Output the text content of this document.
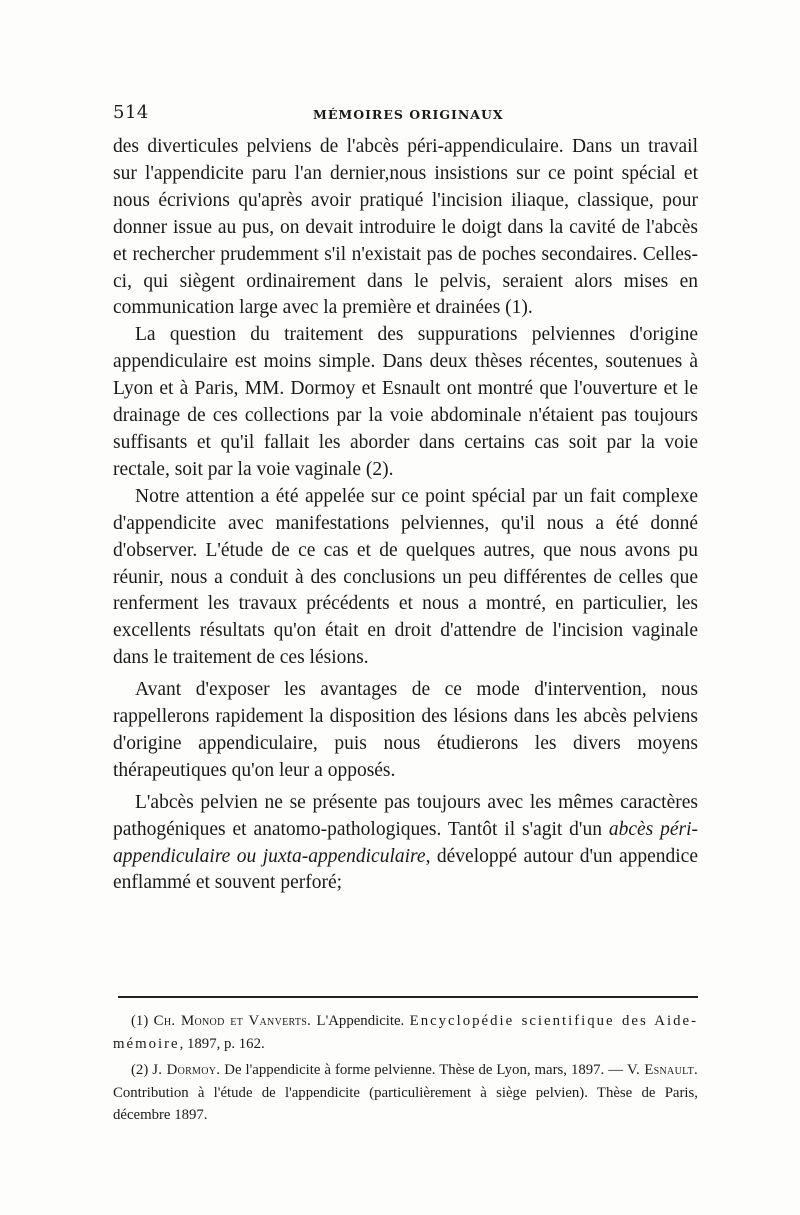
514	MÉMOIRES ORIGINAUX

des diverticules pelviens de l'abcès péri-appendiculaire. Dans un travail sur l'appendicite paru l'an dernier,nous insistions sur ce point spécial et nous écrivions qu'après avoir pratiqué l'incision iliaque, classique, pour donner issue au pus, on devait introduire le doigt dans la cavité de l'abcès et rechercher prudemment s'il n'existait pas de poches secondaires. Celles-ci, qui siègent ordinairement dans le pelvis, seraient alors mises en communication large avec la première et drainées (1).

La question du traitement des suppurations pelviennes d'origine appendiculaire est moins simple. Dans deux thèses récentes, soutenues à Lyon et à Paris, MM. Dormoy et Esnault ont montré que l'ouverture et le drainage de ces collections par la voie abdominale n'étaient pas toujours suffisants et qu'il fallait les aborder dans certains cas soit par la voie rectale, soit par la voie vaginale (2).

Notre attention a été appelée sur ce point spécial par un fait complexe d'appendicite avec manifestations pelviennes, qu'il nous a été donné d'observer. L'étude de ce cas et de quelques autres, que nous avons pu réunir, nous a conduit à des conclusions un peu différentes de celles que renferment les travaux précédents et nous a montré, en particulier, les excellents résultats qu'on était en droit d'attendre de l'incision vaginale dans le traitement de ces lésions.

Avant d'exposer les avantages de ce mode d'intervention, nous rappellerons rapidement la disposition des lésions dans les abcès pelviens d'origine appendiculaire, puis nous étudierons les divers moyens thérapeutiques qu'on leur a opposés.

L'abcès pelvien ne se présente pas toujours avec les mêmes caractères pathogéniques et anatomo-pathologiques. Tantôt il s'agit d'un abcès péri-appendiculaire ou juxta-appendiculaire, développé autour d'un appendice enflammé et souvent perforé;

(1) Ch. Monod et Vanverts. L'Appendicite. Encyclopédie scientifique des Aide-mémoire, 1897, p. 162.

(2) J. Dormoy. De l'appendicite à forme pelvienne. Thèse de Lyon, mars, 1897. — V. Esnault. Contribution à l'étude de l'appendicite (particulièrement à siège pelvien). Thèse de Paris, décembre 1897.
